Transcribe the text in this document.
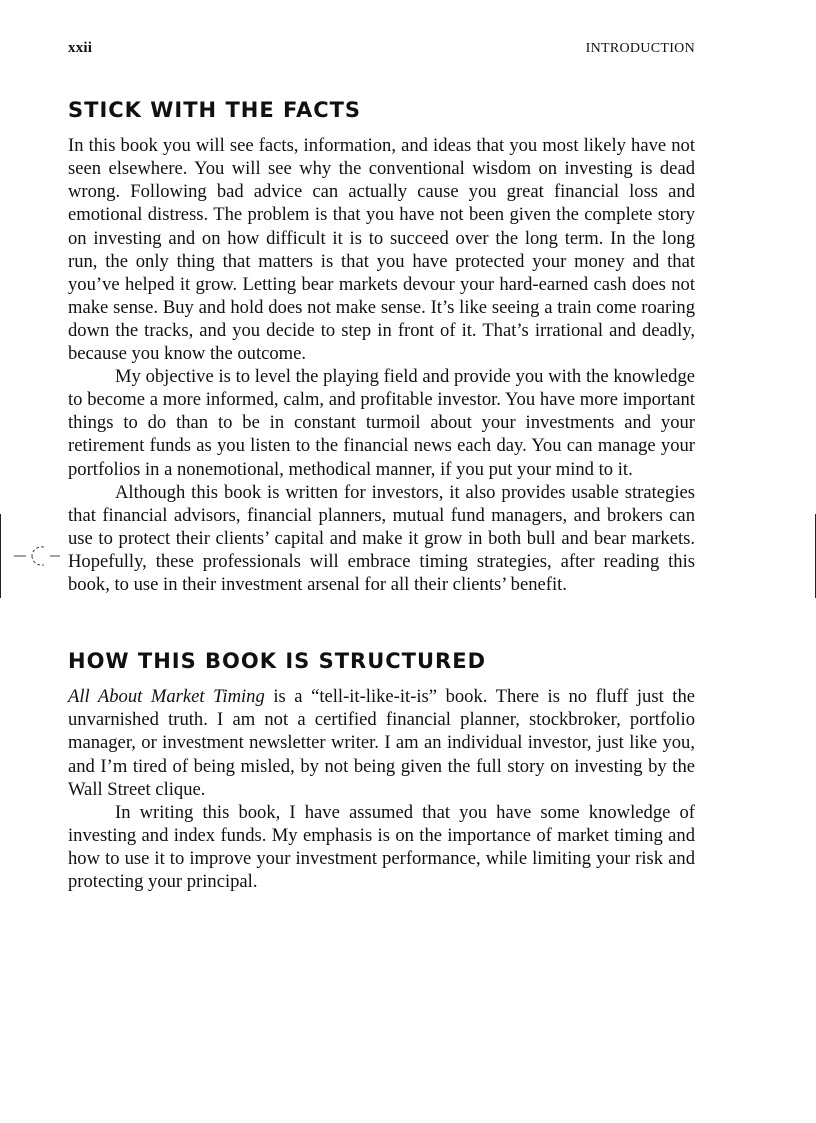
xxii	INTRODUCTION
STICK WITH THE FACTS

In this book you will see facts, information, and ideas that you most likely have not seen elsewhere. You will see why the conventional wisdom on investing is dead wrong. Following bad advice can actually cause you great financial loss and emotional distress. The problem is that you have not been given the complete story on investing and on how difficult it is to succeed over the long term. In the long run, the only thing that matters is that you have protected your money and that you’ve helped it grow. Letting bear markets devour your hard-earned cash does not make sense. Buy and hold does not make sense. It’s like seeing a train come roaring down the tracks, and you decide to step in front of it. That’s irrational and deadly, because you know the outcome.

My objective is to level the playing field and provide you with the knowledge to become a more informed, calm, and profitable investor. You have more important things to do than to be in constant turmoil about your investments and your retirement funds as you listen to the financial news each day. You can manage your portfolios in a nonemotional, methodical manner, if you put your mind to it.

Although this book is written for investors, it also provides usable strategies that financial advisors, financial planners, mutual fund managers, and brokers can use to protect their clients’ capital and make it grow in both bull and bear markets. Hopefully, these professionals will embrace timing strategies, after reading this book, to use in their investment arsenal for all their clients’ benefit.

HOW THIS BOOK IS STRUCTURED

All About Market Timing is a “tell-it-like-it-is” book. There is no fluff just the unvarnished truth. I am not a certified financial planner, stockbroker, portfolio manager, or investment newsletter writer. I am an individual investor, just like you, and I’m tired of being misled, by not being given the full story on investing by the Wall Street clique.

In writing this book, I have assumed that you have some knowledge of investing and index funds. My emphasis is on the importance of market timing and how to use it to improve your investment performance, while limiting your risk and protecting your principal.
